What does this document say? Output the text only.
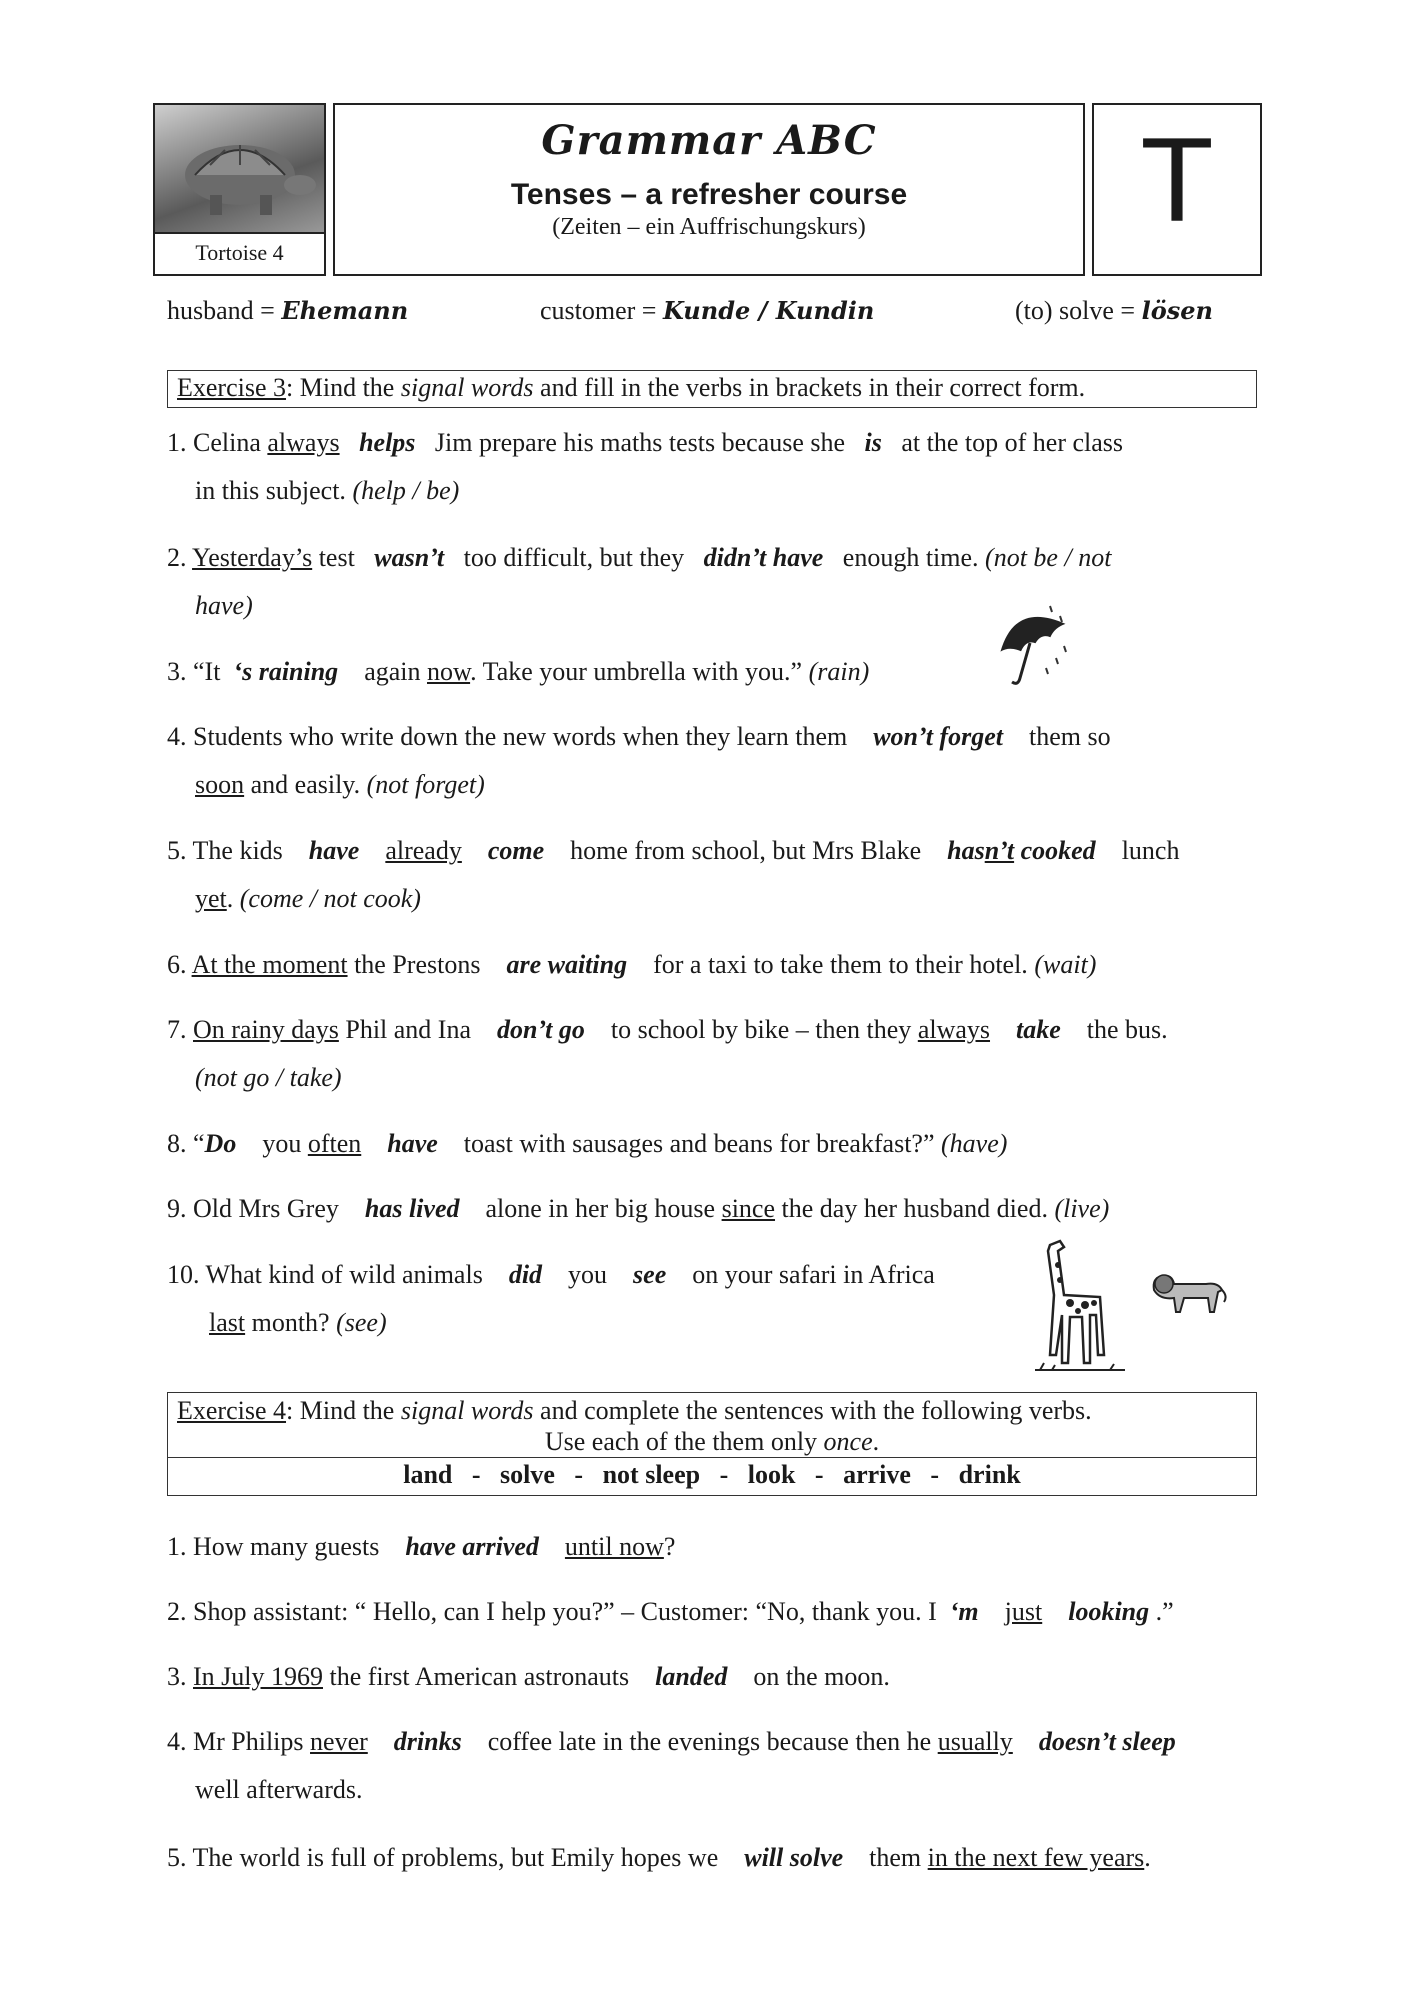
Tortoise 4
Grammar ABC
Tenses – a refresher course
(Zeiten – ein Auffrischungskurs)	T
husband = Ehemann	customer = Kunde / Kundin	(to) solve = lösen
Exercise 3: Mind the signal words and fill in the verbs in brackets in their correct form.
1. Celina always helps   Jim prepare his maths tests because she   is   at the top of her class
in this subject. (help / be)
2. Yesterday’s test   wasn’t   too difficult, but they   didn’t have   enough time. (not be / not
have)
3. “It  ‘s raining    again now. Take your umbrella with you.” (rain)
4. Students who write down the new words when they learn them    won’t forget    them so
soon and easily. (not forget)
5. The kids    have already come    home from school, but Mrs Blake    hasn’t cooked    lunch
yet. (come / not cook)
6. At the moment the Prestons    are waiting    for a taxi to take them to their hotel. (wait)
7. On rainy days Phil and Ina    don’t go    to school by bike – then they always take    the bus.
(not go / take)
8. “Do    you often have    toast with sausages and beans for breakfast?” (have)
9. Old Mrs Grey    has lived    alone in her big house since the day her husband died. (live)
10. What kind of wild animals    did    you    see    on your safari in Africa
last month? (see)
Exercise 4: Mind the signal words and complete the sentences with the following verbs.
Use each of the them only once.
land   -   solve   -   not sleep   -   look   -   arrive   -   drink
1. How many guests    have arrived until now?
2. Shop assistant: “ Hello, can I help you?” – Customer: “No, thank you. I  ‘m just looking .”
3. In July 1969 the first American astronauts    landed    on the moon.
4. Mr Philips never drinks    coffee late in the evenings because then he usually doesn’t sleep
well afterwards.
5. The world is full of problems, but Emily hopes we    will solve    them in the next few years.
